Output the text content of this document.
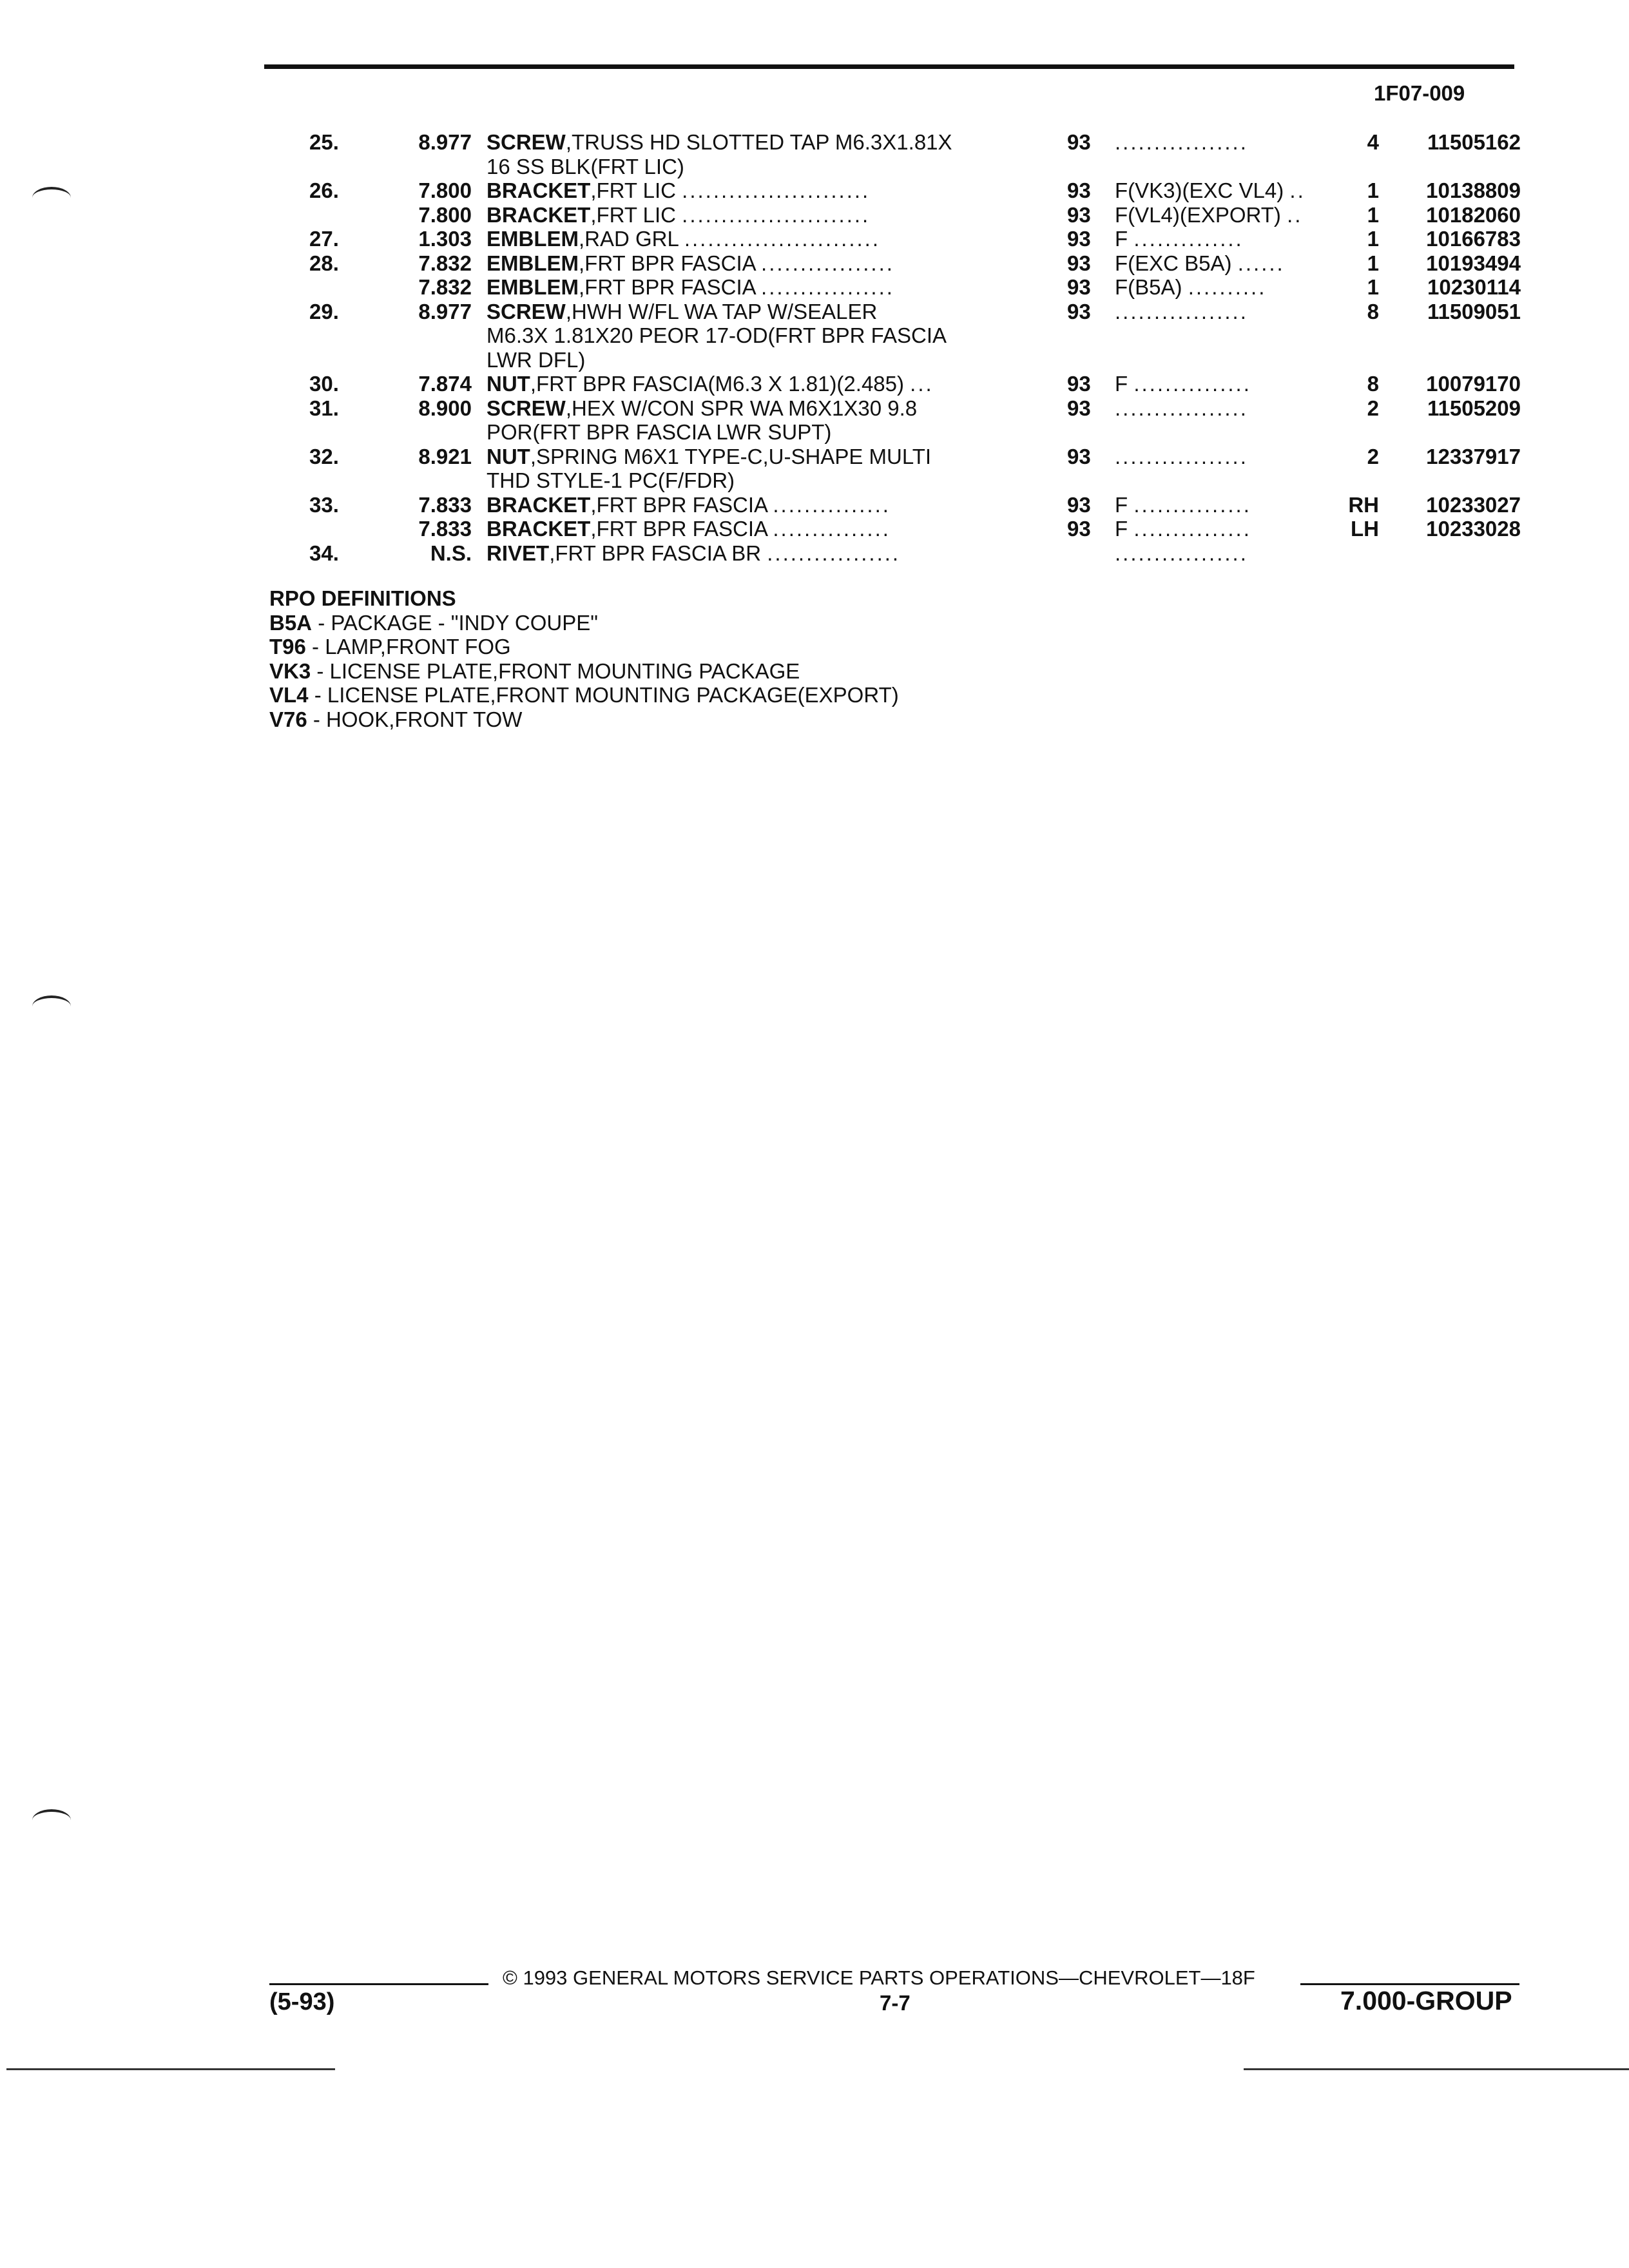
1F07-009
25.	8.977 SCREW,TRUSS HD SLOTTED TAP M6.3X1.81X
16 SS BLK(FRT LIC)
93 .................	4	11505162
26.	7.800 BRACKET,FRT LIC ........................	93 F(VK3)(EXC VL4) ..	1	10138809
7.800 BRACKET,FRT LIC ........................	93 F(VL4)(EXPORT) ..	1	10182060
27.	1.303 EMBLEM,RAD GRL .........................	93 F ..............	1	10166783
28.	7.832 EMBLEM,FRT BPR FASCIA .................	93 F(EXC B5A) ......	1	10193494
7.832 EMBLEM,FRT BPR FASCIA .................	93 F(B5A) ..........	1	10230114
29.	8.977 SCREW,HWH W/FL WA TAP W/SEALER
M6.3X 1.81X20 PEOR 17-OD(FRT BPR FASCIA
LWR DFL)
93 .................	8	11509051
30.	7.874 NUT,FRT BPR FASCIA(M6.3 X 1.81)(2.485) ...	93 F ...............	8	10079170
31.	8.900 SCREW,HEX W/CON SPR WA M6X1X30 9.8
POR(FRT BPR FASCIA LWR SUPT)
93 .................	2	11505209
32.	8.921 NUT,SPRING M6X1 TYPE-C,U-SHAPE MULTI
THD STYLE-1 PC(F/FDR)
93 .................	2	12337917
33.	7.833 BRACKET,FRT BPR FASCIA ...............	93 F ...............	RH	10233027
7.833 BRACKET,FRT BPR FASCIA ...............	93 F ...............	LH	10233028
34.	N.S. RIVET,FRT BPR FASCIA BR .................	.................
RPO DEFINITIONS
B5A - PACKAGE - "INDY COUPE"
T96 - LAMP,FRONT FOG
VK3 - LICENSE PLATE,FRONT MOUNTING PACKAGE
VL4 - LICENSE PLATE,FRONT MOUNTING PACKAGE(EXPORT)
V76 - HOOK,FRONT TOW
© 1993 GENERAL MOTORS SERVICE PARTS OPERATIONS—CHEVROLET—18F
(5-93)	7-7	7.000-GROUP
